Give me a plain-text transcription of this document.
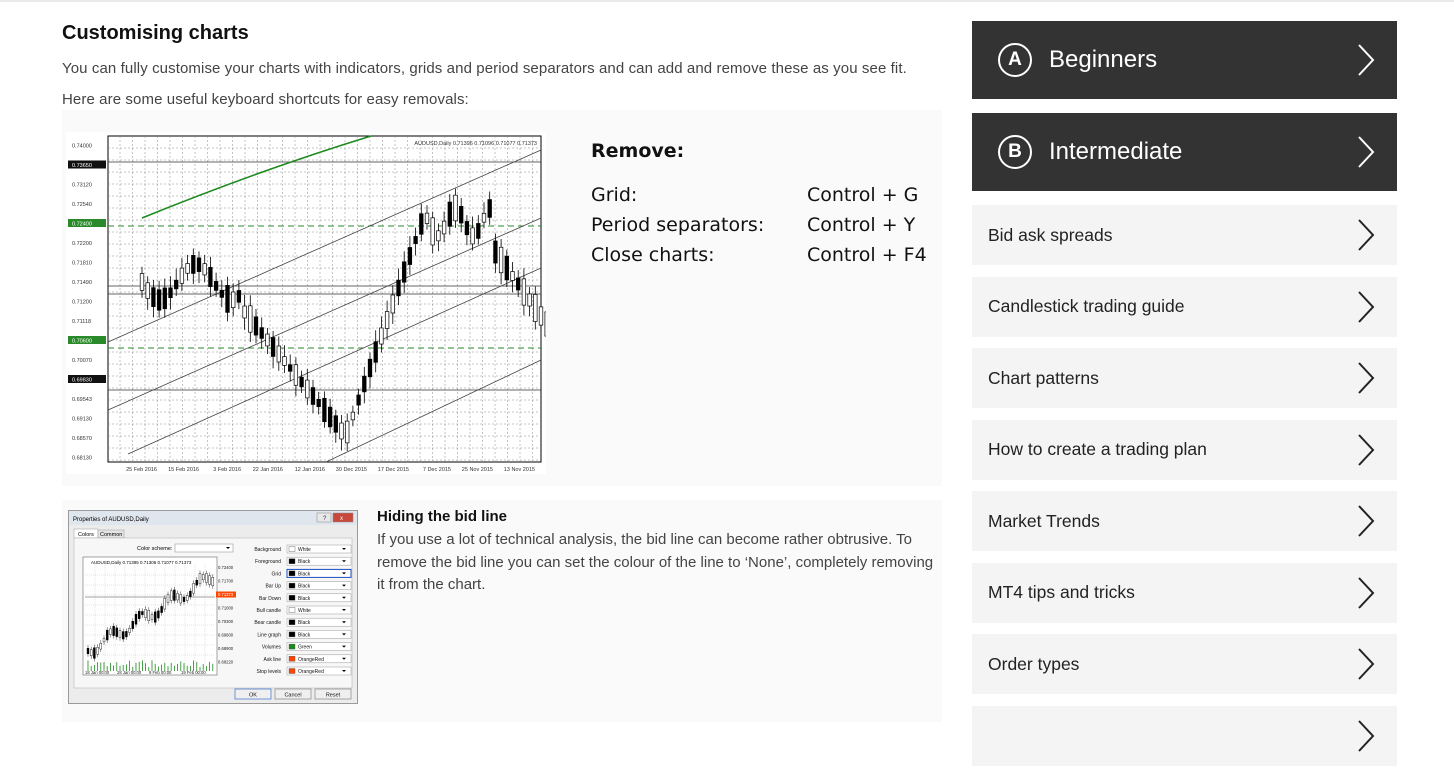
Customising charts

You can fully customise your charts with indicators, grids and period separators and can add and remove these as you see fit. Here are some useful keyboard shortcuts for easy removals:

AUDUSD,Daily 0.71396 0.71096 0.71077 0.71373
0.74000
0.73650
0.73120
0.72540
0.72400
0.72200
0.71810
0.71490
0.71200
0.71118
0.70600
0.70070
0.69830
0.69543
0.69130
0.68570
0.68130
13 Nov 2015
25 Nov 2015
7 Dec 2015
17 Dec 2015
30 Dec 2015
12 Jan 2016
22 Jan 2016
3 Feb 2016
15 Feb 2016
25 Feb 2016
Remove:
Grid:	Control + G
Period separators:	Control + Y
Close charts:	Control + F4
Properties of AUDUSD,Daily	? x
Colors Common
Color scheme:
AUDUSD,Daily 0.71395 0.71306 0.71077 0.71373
0.72400
0.71700
0.71373
0.71000
0.70300
0.69600
0.68900
0.68220
18 Jan 00:00 28 Jan 00:00 9 Feb 00:00 19 Feb 00:00
Background	White
Foreground	Black
Grid	Black
Bar Up	Black
Bar Down	Black
Bull candle	White
Bear candle	Black
Line graph	Black
Volumes	Green
Ask line	OrangeRed
Stop levels	OrangeRed
OK	Cancel	Reset
Hiding the bid line
If you use a lot of technical analysis, the bid line can become rather obtrusive. To remove the bid line you can set the colour of the line to ‘None’, completely removing it from the chart.
A	Beginners
B	Intermediate
Bid ask spreads
Candlestick trading guide
Chart patterns
How to create a trading plan
Market Trends
MT4 tips and tricks
Order types
